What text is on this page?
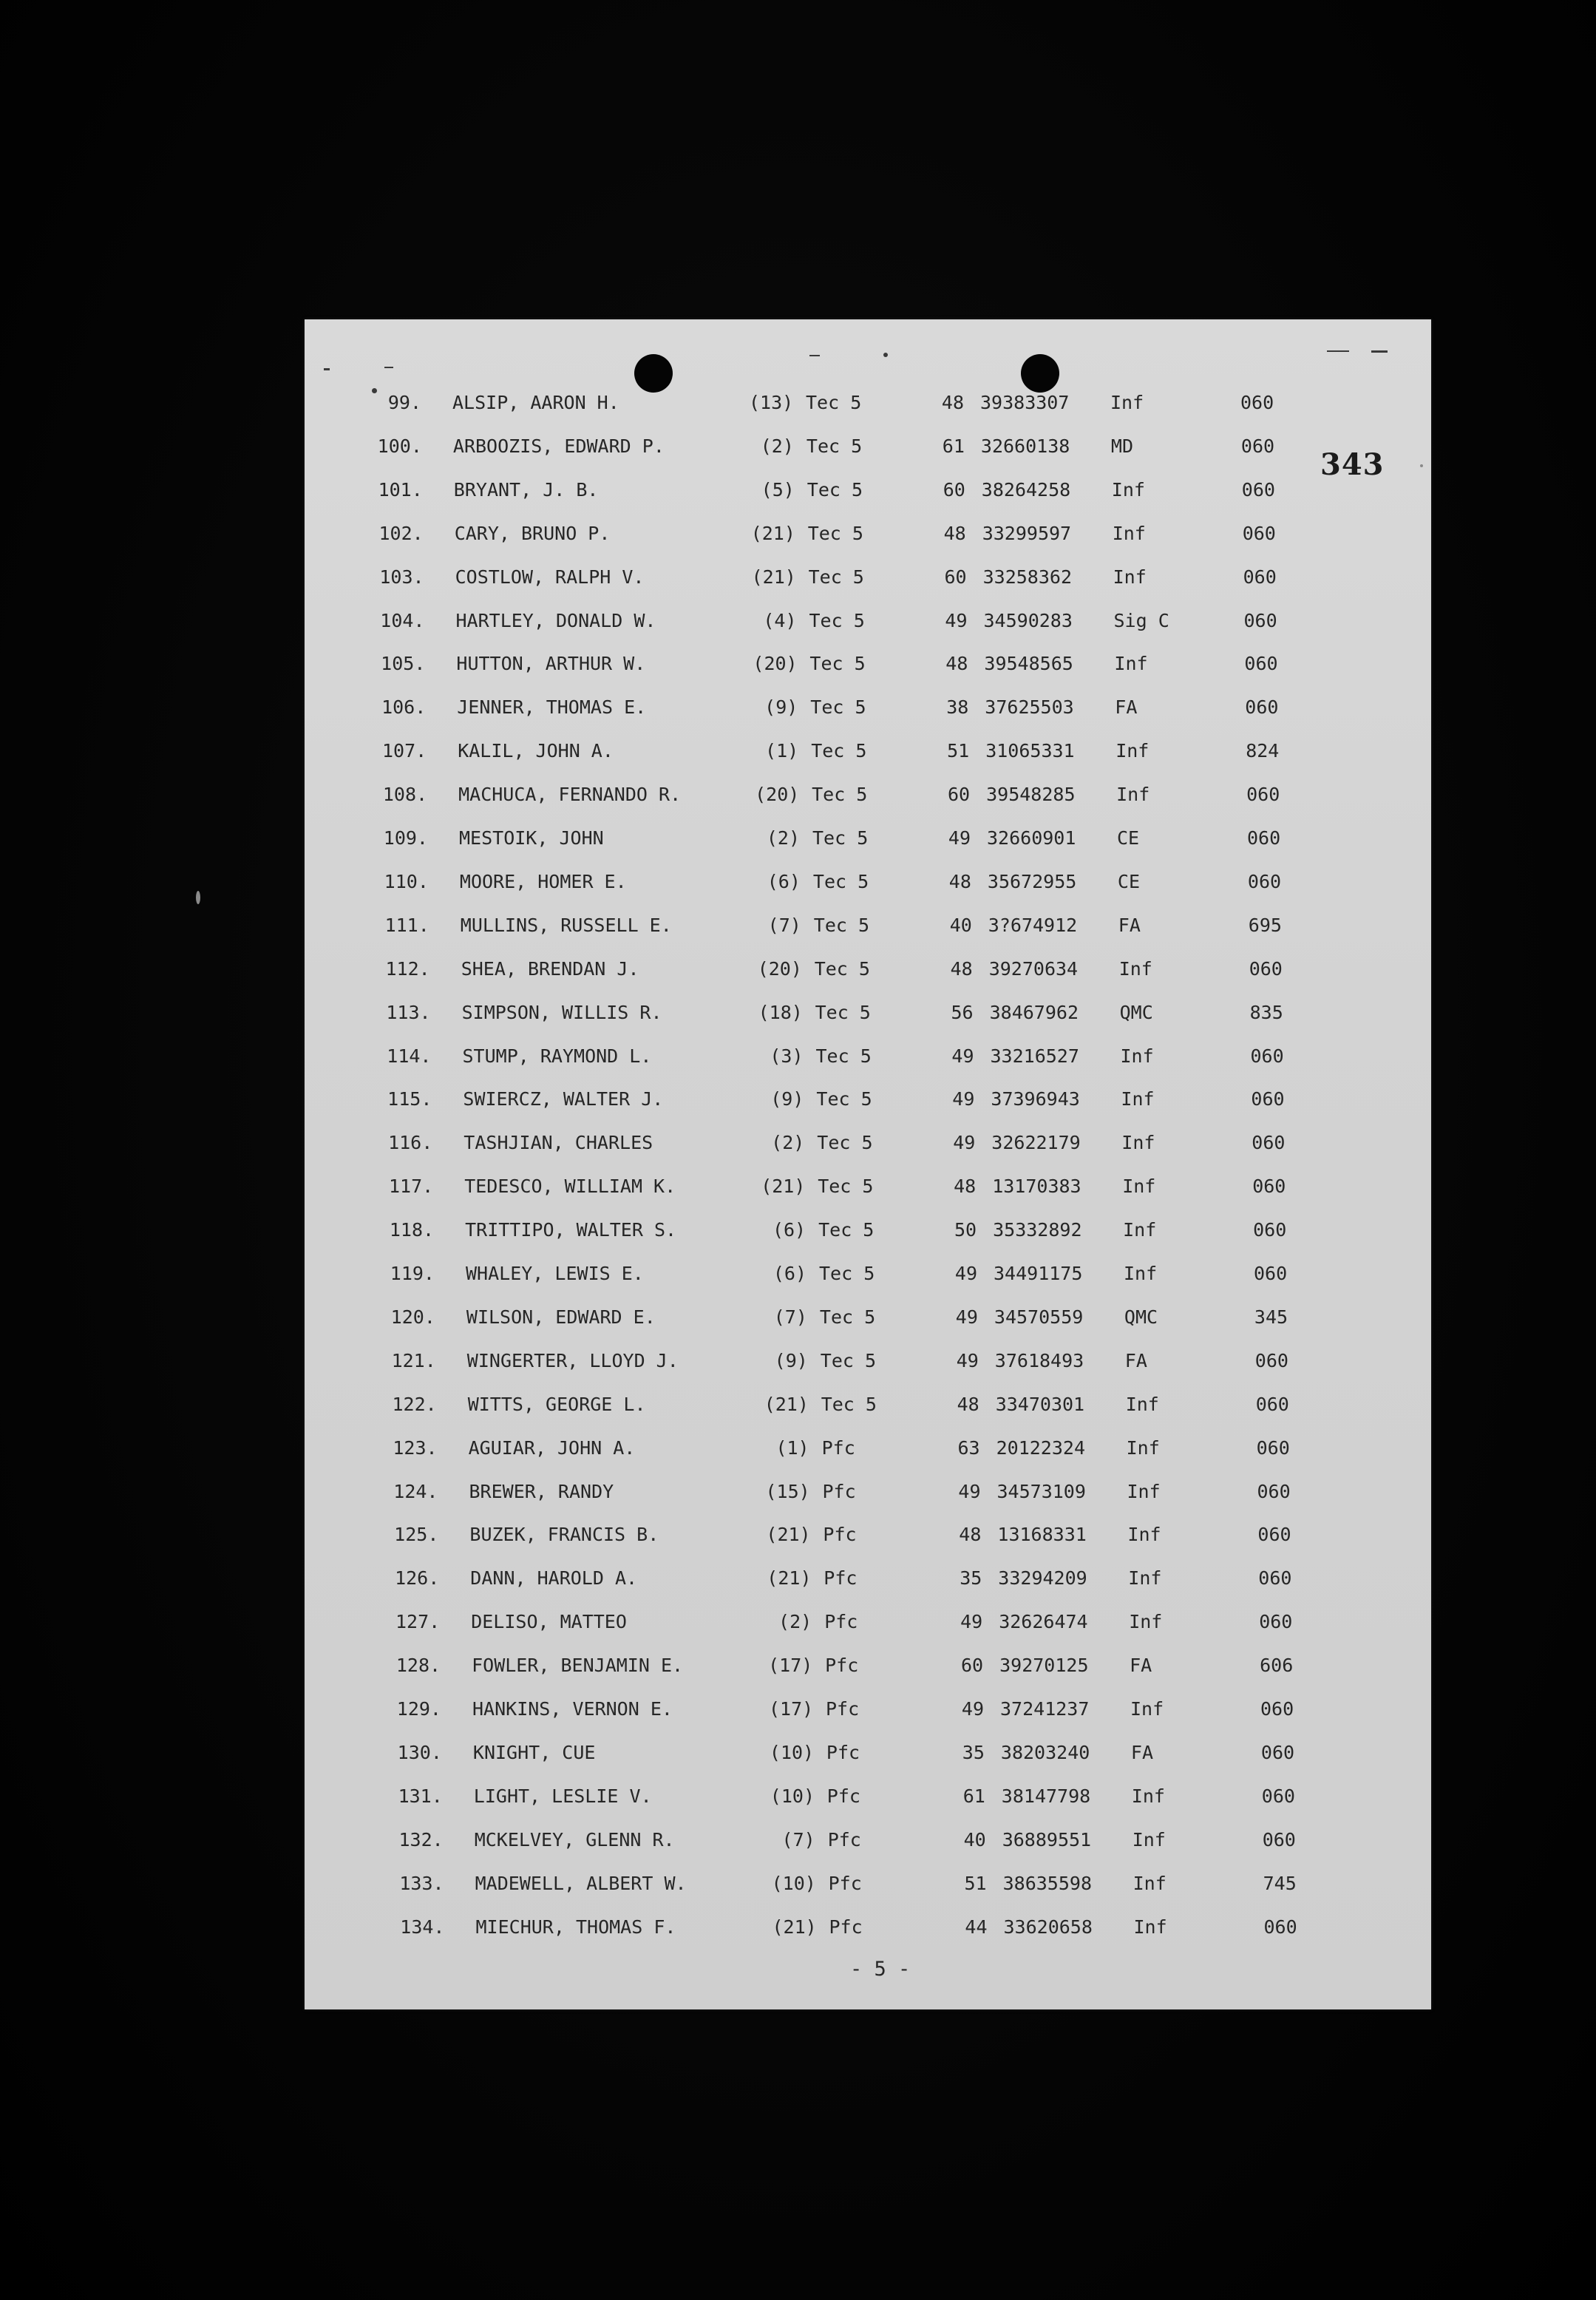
343
99. ALSIP, AARON H.	(13) Tec 5	48 39383307 Inf	060
100. ARBOOZIS, EDWARD P.	(2) Tec 5	61 32660138 MD	060
101. BRYANT, J. B.	(5) Tec 5	60 38264258 Inf	060
102. CARY, BRUNO P.	(21) Tec 5	48 33299597 Inf	060
103. COSTLOW, RALPH V.	(21) Tec 5	60 33258362 Inf	060
104. HARTLEY, DONALD W.	(4) Tec 5	49 34590283 Sig C	060
105. HUTTON, ARTHUR W.	(20) Tec 5	48 39548565 Inf	060
106. JENNER, THOMAS E.	(9) Tec 5	38 37625503 FA	060
107. KALIL, JOHN A.	(1) Tec 5	51 31065331 Inf	824
108. MACHUCA, FERNANDO R.	(20) Tec 5	60 39548285 Inf	060
109. MESTOIK, JOHN	(2) Tec 5	49 32660901 CE	060
110. MOORE, HOMER E.	(6) Tec 5	48 35672955 CE	060
111. MULLINS, RUSSELL E.	(7) Tec 5	40 3?674912 FA	695
112. SHEA, BRENDAN J.	(20) Tec 5	48 39270634 Inf	060
113. SIMPSON, WILLIS R.	(18) Tec 5	56 38467962 QMC	835
114. STUMP, RAYMOND L.	(3) Tec 5	49 33216527 Inf	060
115. SWIERCZ, WALTER J.	(9) Tec 5	49 37396943 Inf	060
116. TASHJIAN, CHARLES	(2) Tec 5	49 32622179 Inf	060
117. TEDESCO, WILLIAM K.	(21) Tec 5	48 13170383 Inf	060
118. TRITTIPO, WALTER S.	(6) Tec 5	50 35332892 Inf	060
119. WHALEY, LEWIS E.	(6) Tec 5	49 34491175 Inf	060
120. WILSON, EDWARD E.	(7) Tec 5	49 34570559 QMC	345
121. WINGERTER, LLOYD J.	(9) Tec 5	49 37618493 FA	060
122. WITTS, GEORGE L.	(21) Tec 5	48 33470301 Inf	060
123. AGUIAR, JOHN A.	(1) Pfc	63 20122324 Inf	060
124. BREWER, RANDY	(15) Pfc	49 34573109 Inf	060
125. BUZEK, FRANCIS B.	(21) Pfc	48 13168331 Inf	060
126. DANN, HAROLD A.	(21) Pfc	35 33294209 Inf	060
127. DELISO, MATTEO	(2) Pfc	49 32626474 Inf	060
128. FOWLER, BENJAMIN E.	(17) Pfc	60 39270125 FA	606
129. HANKINS, VERNON E.	(17) Pfc	49 37241237 Inf	060
130. KNIGHT, CUE	(10) Pfc	35 38203240 FA	060
131. LIGHT, LESLIE V.	(10) Pfc	61 38147798 Inf	060
132. MCKELVEY, GLENN R.	(7) Pfc	40 36889551 Inf	060
133. MADEWELL, ALBERT W.	(10) Pfc	51 38635598 Inf	745
134. MIECHUR, THOMAS F.	(21) Pfc	44 33620658 Inf	060
- 5 -
